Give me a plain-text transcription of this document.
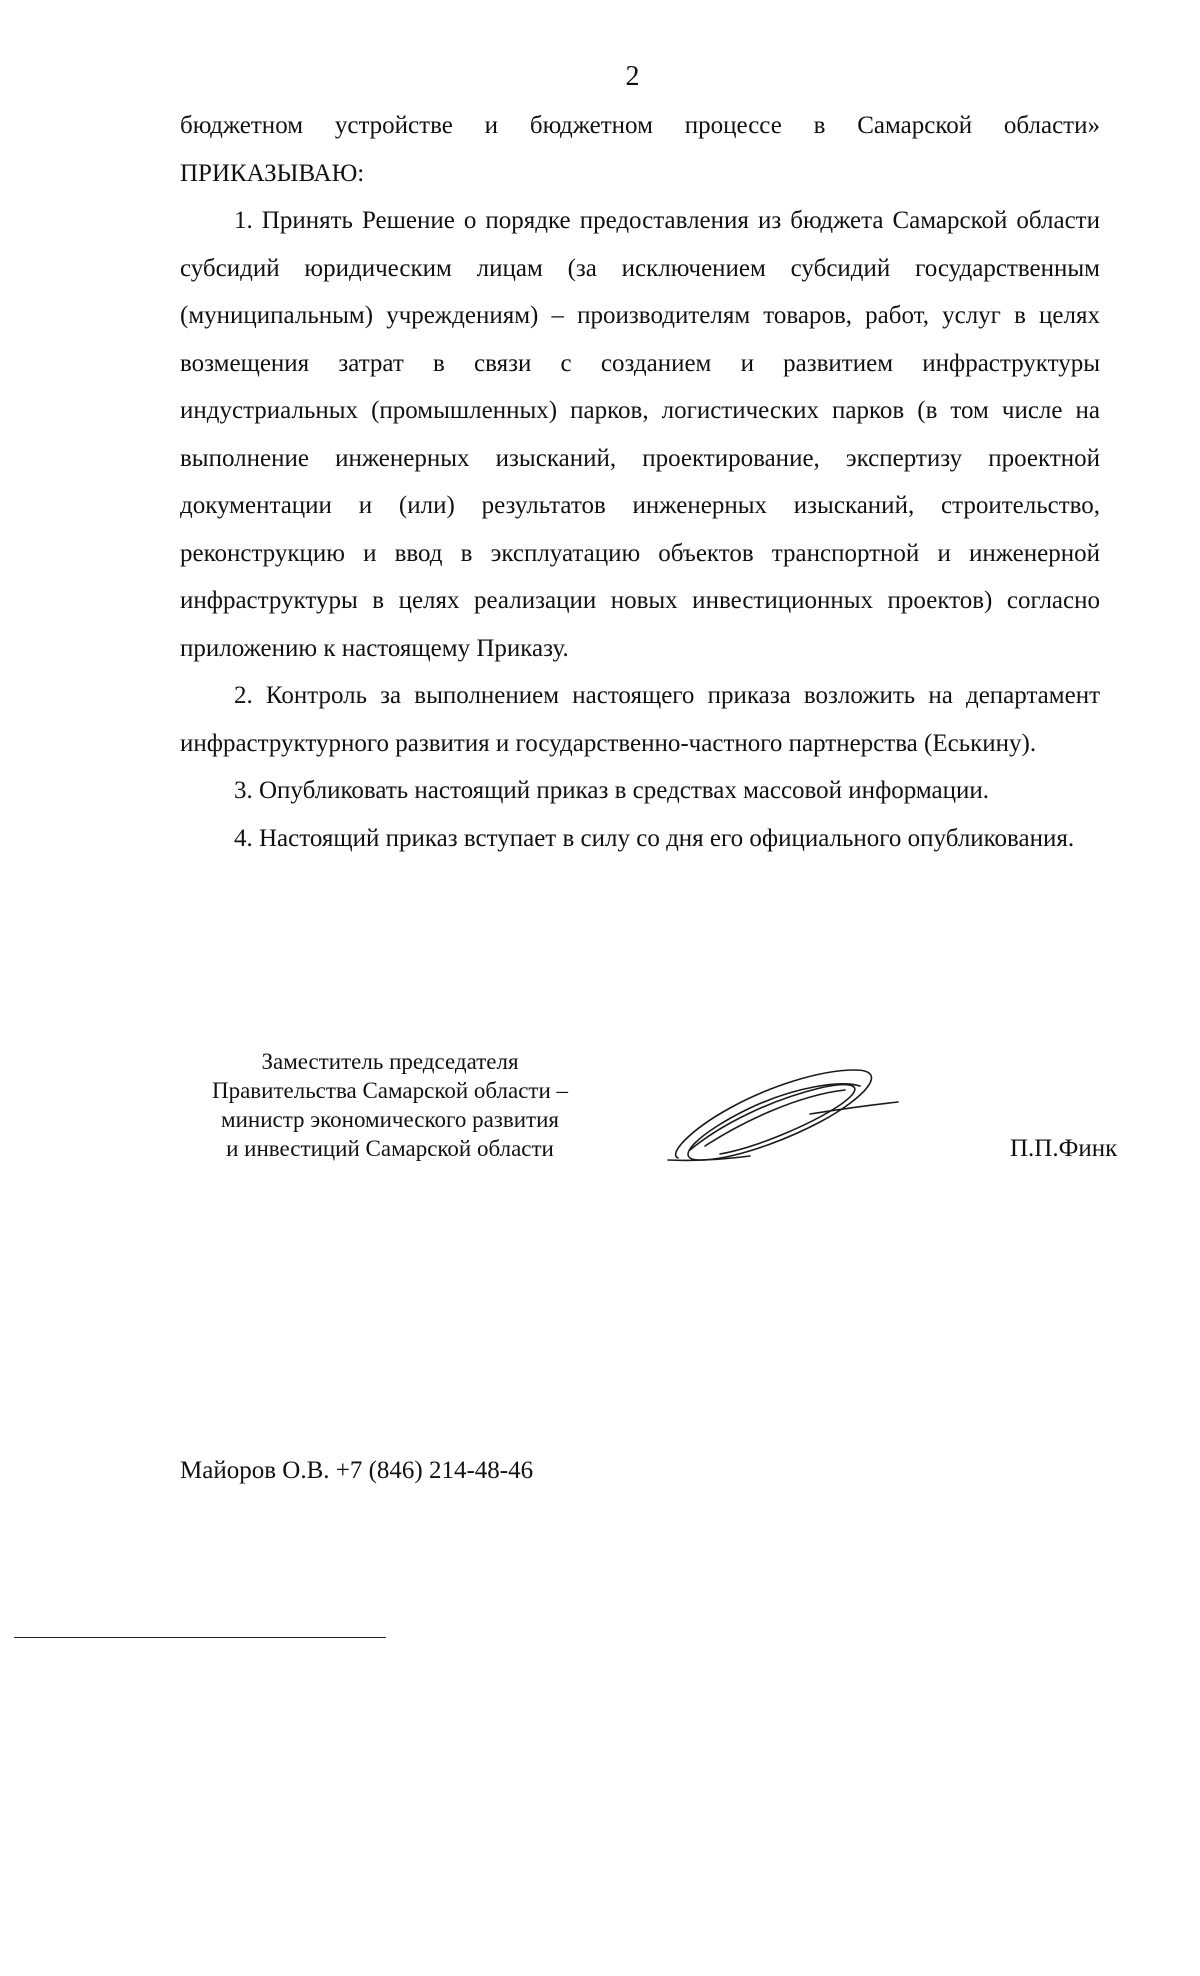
2

бюджетном устройстве и бюджетном процессе в Самарской области» ПРИКАЗЫВАЮ:

1. Принять Решение о порядке предоставления из бюджета Самарской области субсидий юридическим лицам (за исключением субсидий государственным (муниципальным) учреждениям) – производителям товаров, работ, услуг в целях возмещения затрат в связи с созданием и развитием инфраструктуры индустриальных (промышленных) парков, логистических парков (в том числе на выполнение инженерных изысканий, проектирование, экспертизу проектной документации и (или) результатов инженерных изысканий, строительство, реконструкцию и ввод в эксплуатацию объектов транспортной и инженерной инфраструктуры в целях реализации новых инвестиционных проектов) согласно приложению к настоящему Приказу.

2. Контроль за выполнением настоящего приказа возложить на департамент инфраструктурного развития и государственно-частного партнерства (Еськину).

3. Опубликовать настоящий приказ в средствах массовой информации.

4. Настоящий приказ вступает в силу со дня его официального опубликования.

Заместитель председателя
Правительства Самарской области –
министр экономического развития
и инвестиций Самарской области	П.П.Финк
Майоров О.В. +7 (846) 214-48-46
